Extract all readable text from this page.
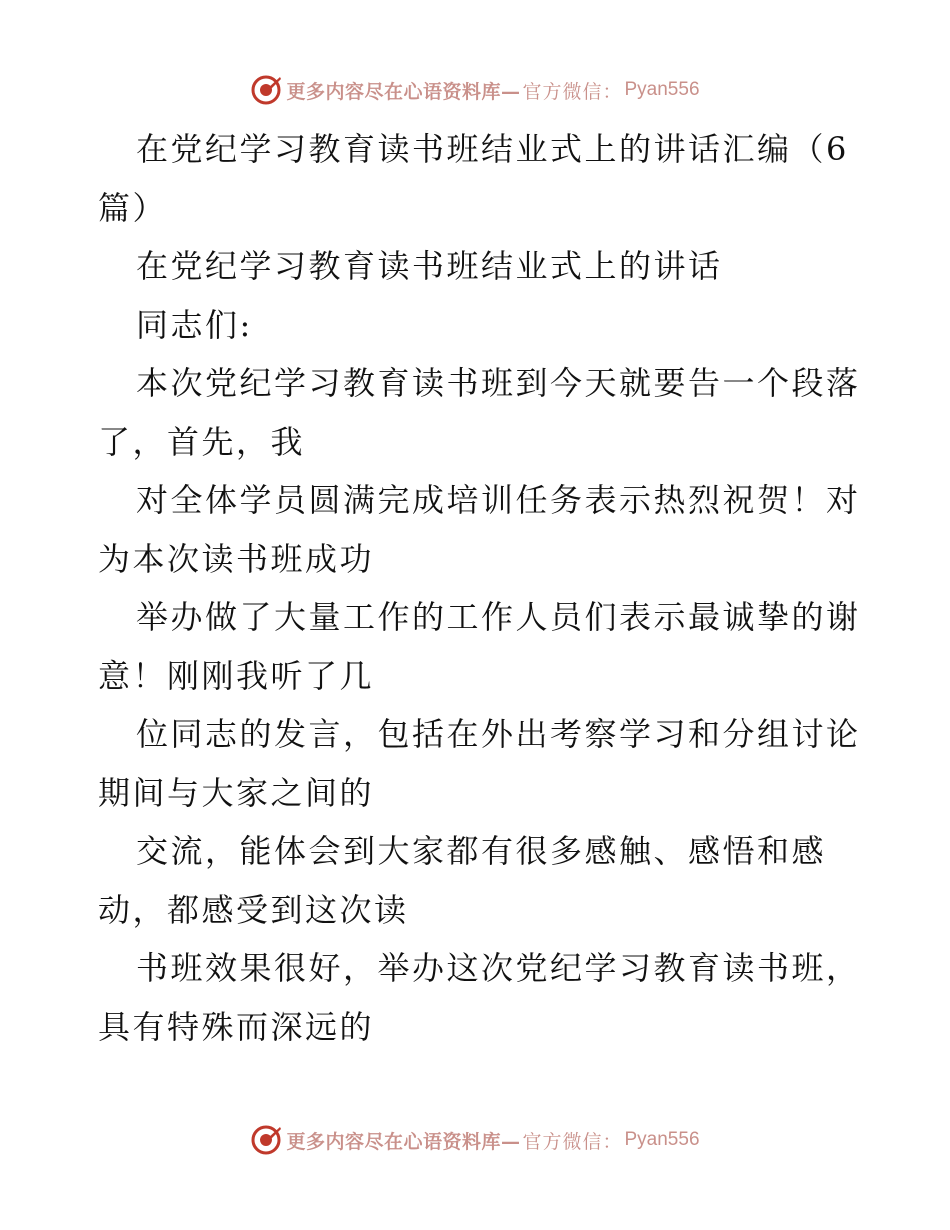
更多内容尽在心语资料库— 官方微信： Pyan556

在党纪学习教育读书班结业式上的讲话汇编（6篇）

在党纪学习教育读书班结业式上的讲话

同志们:

本次党纪学习教育读书班到今天就要告一个段落了，首先，我

对全体学员圆满完成培训任务表示热烈祝贺！对为本次读书班成功

举办做了大量工作的工作人员们表示最诚挚的谢意！刚刚我听了几

位同志的发言，包括在外出考察学习和分组讨论期间与大家之间的

交流，能体会到大家都有很多感触、感悟和感动，都感受到这次读

书班效果很好，举办这次党纪学习教育读书班，具有特殊而深远的

更多内容尽在心语资料库— 官方微信： Pyan556
